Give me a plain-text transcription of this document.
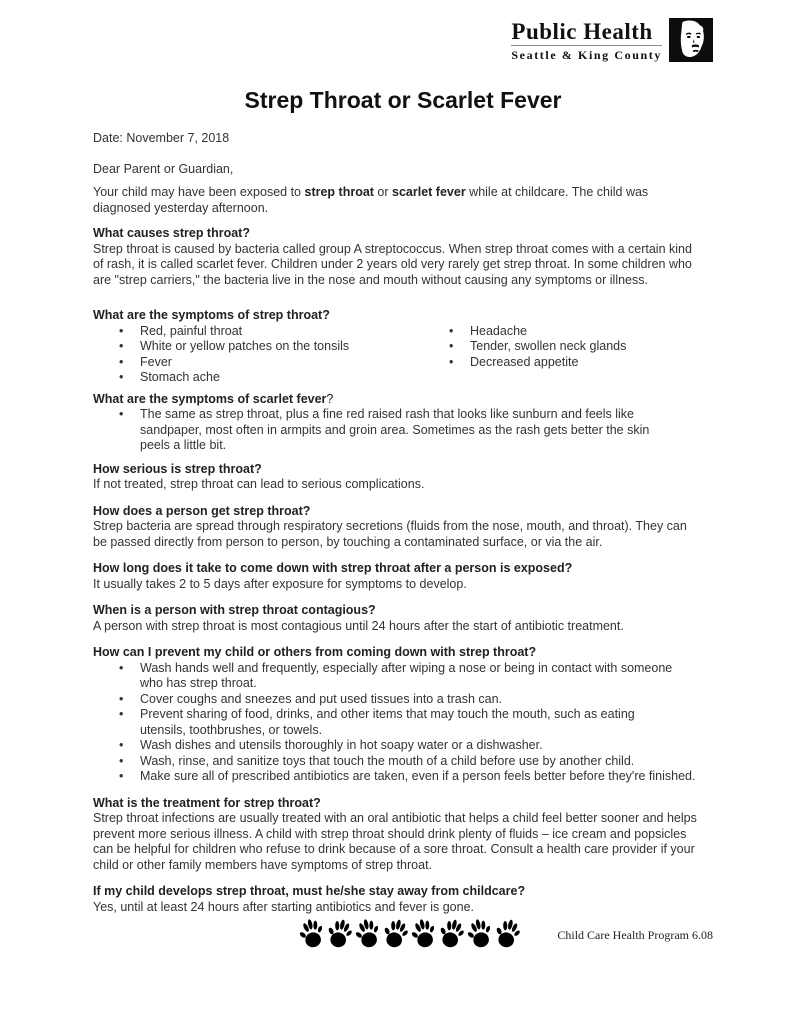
Public Health
Seattle & King County
Strep Throat or Scarlet Fever

Date: November 7, 2018

Dear Parent or Guardian,

Your child may have been exposed to strep throat or scarlet fever while at childcare. The child was diagnosed yesterday afternoon.

What causes strep throat?

Strep throat is caused by bacteria called group A streptococcus. When strep throat comes with a certain kind of rash, it is called scarlet fever. Children under 2 years old very rarely get strep throat. In some children who are "strep carriers," the bacteria live in the nose and mouth without causing any symptoms or illness.

What are the symptoms of strep throat?
• Red, painful throat
• White or yellow patches on the tonsils
• Fever
• Stomach ache
• Headache
• Tender, swollen neck glands
• Decreased appetite
What are the symptoms of scarlet fever?
• The same as strep throat, plus a fine red raised rash that looks like sunburn and feels like sandpaper, most often in armpits and groin area. Sometimes as the rash gets better the skin peels a little bit.
How serious is strep throat?

If not treated, strep throat can lead to serious complications.

How does a person get strep throat?

Strep bacteria are spread through respiratory secretions (fluids from the nose, mouth, and throat). They can be passed directly from person to person, by touching a contaminated surface, or via the air.

How long does it take to come down with strep throat after a person is exposed?

It usually takes 2 to 5 days after exposure for symptoms to develop.

When is a person with strep throat contagious?

A person with strep throat is most contagious until 24 hours after the start of antibiotic treatment.

How can I prevent my child or others from coming down with strep throat?
• Wash hands well and frequently, especially after wiping a nose or being in contact with someone who has strep throat.
• Cover coughs and sneezes and put used tissues into a trash can.
• Prevent sharing of food, drinks, and other items that may touch the mouth, such as eating utensils, toothbrushes, or towels.
• Wash dishes and utensils thoroughly in hot soapy water or a dishwasher.
• Wash, rinse, and sanitize toys that touch the mouth of a child before use by another child.
• Make sure all of prescribed antibiotics are taken, even if a person feels better before they're finished.
What is the treatment for strep throat?

Strep throat infections are usually treated with an oral antibiotic that helps a child feel better sooner and helps prevent more serious illness. A child with strep throat should drink plenty of fluids – ice cream and popsicles can be helpful for children who refuse to drink because of a sore throat. Consult a health care provider if your child or other family members have symptoms of strep throat.

If my child develops strep throat, must he/she stay away from childcare?

Yes, until at least 24 hours after starting antibiotics and fever is gone.

Child Care Health Program 6.08
